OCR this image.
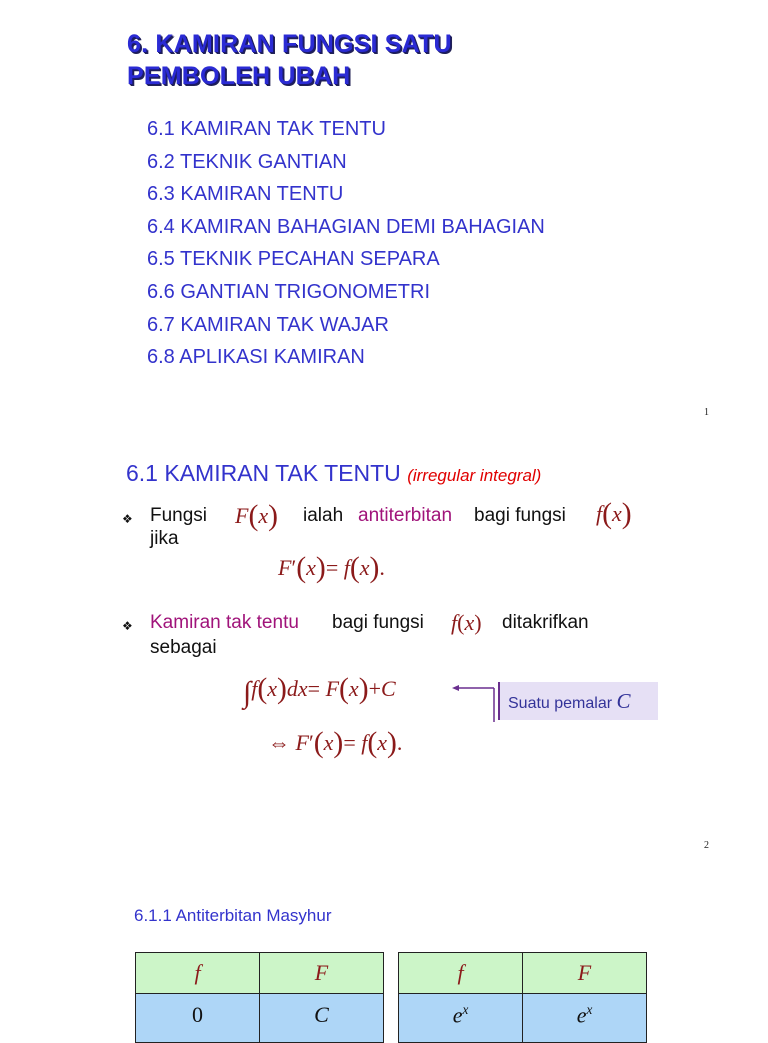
6. KAMIRAN FUNGSI SATU
PEMBOLEH UBAH
6.1 KAMIRAN TAK TENTU
6.2 TEKNIK GANTIAN
6.3 KAMIRAN TENTU
6.4 KAMIRAN BAHAGIAN DEMI BAHAGIAN
6.5 TEKNIK PECAHAN SEPARA
6.6 GANTIAN TRIGONOMETRI
6.7 KAMIRAN TAK WAJAR
6.8 APLIKASI KAMIRAN
1
6.1 KAMIRAN TAK TENTU (irregular integral)
❖ Fungsi F(x) ialah antiterbitan bagi fungsi f(x)
jika
F′(x)= f(x).
❖ Kamiran tak tentu bagi fungsi f(x) ditakrifkan
sebagai
∫f(x)dx= F(x)+C
Suatu pemalar C
⇔ F′(x)= f(x).
2
6.1.1 Antiterbitan Masyhur
f	F
0	C
f	F
$e^x$	$e^x$
